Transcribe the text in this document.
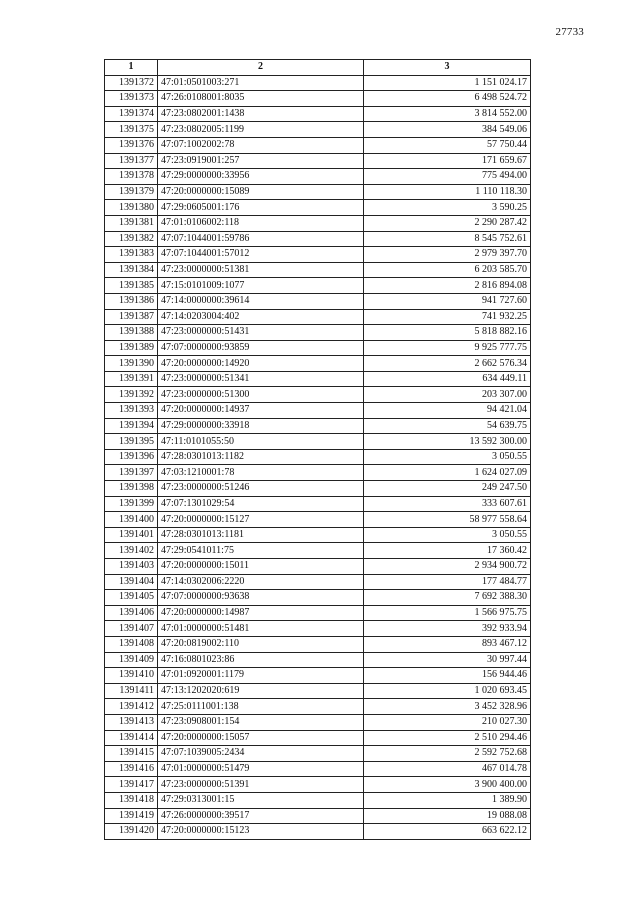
27733
1	2	3
1391372	47:01:0501003:271	1 151 024.17
1391373	47:26:0108001:8035	6 498 524.72
1391374	47:23:0802001:1438	3 814 552.00
1391375	47:23:0802005:1199	384 549.06
1391376	47:07:1002002:78	57 750.44
1391377	47:23:0919001:257	171 659.67
1391378	47:29:0000000:33956	775 494.00
1391379	47:20:0000000:15089	1 110 118.30
1391380	47:29:0605001:176	3 590.25
1391381	47:01:0106002:118	2 290 287.42
1391382	47:07:1044001:59786	8 545 752.61
1391383	47:07:1044001:57012	2 979 397.70
1391384	47:23:0000000:51381	6 203 585.70
1391385	47:15:0101009:1077	2 816 894.08
1391386	47:14:0000000:39614	941 727.60
1391387	47:14:0203004:402	741 932.25
1391388	47:23:0000000:51431	5 818 882.16
1391389	47:07:0000000:93859	9 925 777.75
1391390	47:20:0000000:14920	2 662 576.34
1391391	47:23:0000000:51341	634 449.11
1391392	47:23:0000000:51300	203 307.00
1391393	47:20:0000000:14937	94 421.04
1391394	47:29:0000000:33918	54 639.75
1391395	47:11:0101055:50	13 592 300.00
1391396	47:28:0301013:1182	3 050.55
1391397	47:03:1210001:78	1 624 027.09
1391398	47:23:0000000:51246	249 247.50
1391399	47:07:1301029:54	333 607.61
1391400	47:20:0000000:15127	58 977 558.64
1391401	47:28:0301013:1181	3 050.55
1391402	47:29:0541011:75	17 360.42
1391403	47:20:0000000:15011	2 934 900.72
1391404	47:14:0302006:2220	177 484.77
1391405	47:07:0000000:93638	7 692 388.30
1391406	47:20:0000000:14987	1 566 975.75
1391407	47:01:0000000:51481	392 933.94
1391408	47:20:0819002:110	893 467.12
1391409	47:16:0801023:86	30 997.44
1391410	47:01:0920001:1179	156 944.46
1391411	47:13:1202020:619	1 020 693.45
1391412	47:25:0111001:138	3 452 328.96
1391413	47:23:0908001:154	210 027.30
1391414	47:20:0000000:15057	2 510 294.46
1391415	47:07:1039005:2434	2 592 752.68
1391416	47:01:0000000:51479	467 014.78
1391417	47:23:0000000:51391	3 900 400.00
1391418	47:29:0313001:15	1 389.90
1391419	47:26:0000000:39517	19 088.08
1391420	47:20:0000000:15123	663 622.12
